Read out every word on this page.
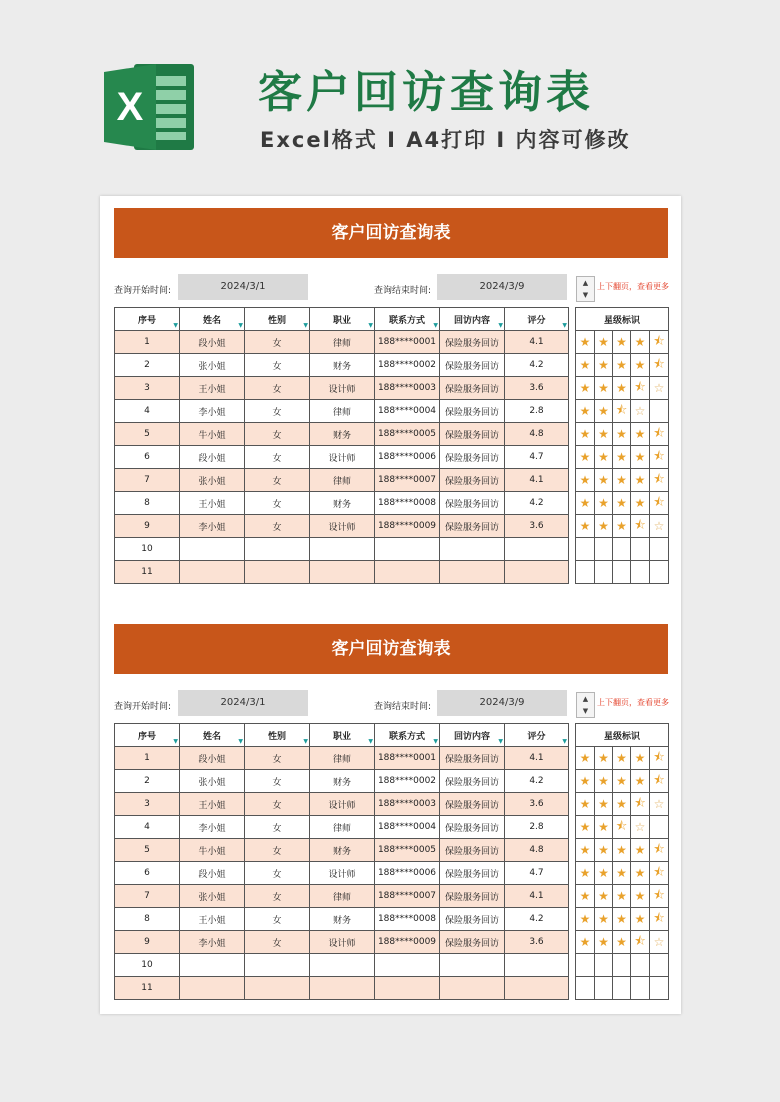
X	客户回访查询表
Excel格式 I A4打印 I 内容可修改
客户回访查询表
查询开始时间:	2024/3/1	查询结束时间:	2024/3/9	▲
▼
上下翻页，查看更多
序号 ▼	姓名 ▼	性别 ▼	职业 ▼	联系方式 ▼	回访内容 ▼	评分 ▼

1	段小姐	女	律师	188****0001	保险服务回访	4.1
2	张小姐	女	财务	188****0002	保险服务回访	4.2
3	王小姐	女	设计师	188****0003	保险服务回访	3.6
4	李小姐	女	律师	188****0004	保险服务回访	2.8
5	牛小姐	女	财务	188****0005	保险服务回访	4.8
6	段小姐	女	设计师	188****0006	保险服务回访	4.7
7	张小姐	女	律师	188****0007	保险服务回访	4.1
8	王小姐	女	财务	188****0008	保险服务回访	4.2
9	李小姐	女	设计师	188****0009	保险服务回访	3.6
10						
11						
星级标识				
★	★	★	★	⯪
★	★	★	★	⯪
★	★	★	⯪	☆
★	★	⯪	☆	
★	★	★	★	⯪
★	★	★	★	⯪
★	★	★	★	⯪
★	★	★	★	⯪
★	★	★	⯪	☆

客户回访查询表
查询开始时间:	2024/3/1	查询结束时间:	2024/3/9	▲
▼
上下翻页，查看更多
序号 ▼	姓名 ▼	性别 ▼	职业 ▼	联系方式 ▼	回访内容 ▼	评分 ▼

1	段小姐	女	律师	188****0001	保险服务回访	4.1
2	张小姐	女	财务	188****0002	保险服务回访	4.2
3	王小姐	女	设计师	188****0003	保险服务回访	3.6
4	李小姐	女	律师	188****0004	保险服务回访	2.8
5	牛小姐	女	财务	188****0005	保险服务回访	4.8
6	段小姐	女	设计师	188****0006	保险服务回访	4.7
7	张小姐	女	律师	188****0007	保险服务回访	4.1
8	王小姐	女	财务	188****0008	保险服务回访	4.2
9	李小姐	女	设计师	188****0009	保险服务回访	3.6
10						
11						
星级标识				
★	★	★	★	⯪
★	★	★	★	⯪
★	★	★	⯪	☆
★	★	⯪	☆	
★	★	★	★	⯪
★	★	★	★	⯪
★	★	★	★	⯪
★	★	★	★	⯪
★	★	★	⯪	☆
